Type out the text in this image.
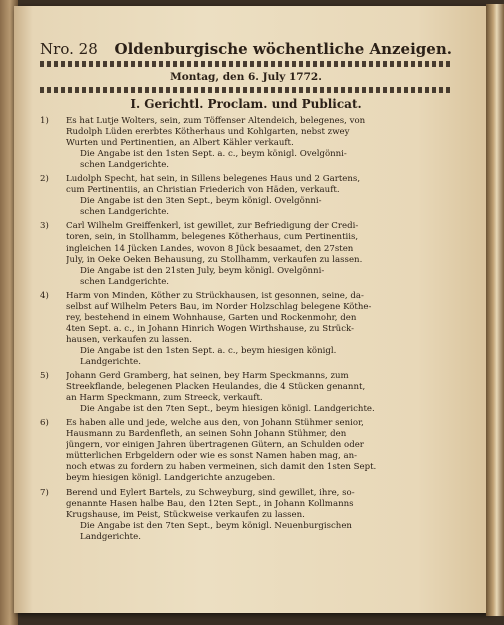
Nro. 28 Oldenburgische wöchentliche Anzeigen.
Montag, den 6. July 1772.
I. Gerichtl. Proclam. und Publicat.
1)	Es hat Lutje Wolters, sein, zum Töffenser Altendeich, belegenes, von
Rudolph Lüden ererbtes Kötherhaus und Kohlgarten, nebst zwey
Wurten und Pertinentien, an Albert Kähler verkauft.
Die Angabe ist den 1sten Sept. a. c., beym königl. Ovelgönni-
schen Landgerichte.
2)	Ludolph Specht, hat sein, in Sillens belegenes Haus und 2 Gartens,
cum Pertinentiis, an Christian Friederich von Häden, verkauft.
Die Angabe ist den 3ten Sept., beym königl. Ovelgönni-
schen Landgerichte.
3)	Carl Wilhelm Greiffenkerl, ist gewillet, zur Befriedigung der Credi-
toren, sein, in Stollhamm, belegenes Kötherhaus, cum Pertinentiis,
ingleichen 14 Jücken Landes, wovon 8 Jück besaamet, den 27sten
July, in Oeke Oeken Behausung, zu Stollhamm, verkaufen zu lassen.
Die Angabe ist den 21sten July, beym königl. Ovelgönni-
schen Landgerichte.
4)	Harm von Minden, Köther zu Strückhausen, ist gesonnen, seine, da-
selbst auf Wilhelm Peters Bau, im Norder Holzschlag belegene Köthe-
rey, bestehend in einem Wohnhause, Garten und Rockenmohr, den
4ten Sept. a. c., in Johann Hinrich Wogen Wirthshause, zu Strück-
hausen, verkaufen zu lassen.
Die Angabe ist den 1sten Sept. a. c., beym hiesigen königl.
Landgerichte.
5)	Johann Gerd Gramberg, hat seinen, bey Harm Speckmanns, zum
Streekflande, belegenen Placken Heulandes, die 4 Stücken genannt,
an Harm Speckmann, zum Streeck, verkauft.
Die Angabe ist den 7ten Sept., beym hiesigen königl. Landgerichte.
6)	Es haben alle und jede, welche aus den, von Johann Stühmer senior,
Hausmann zu Bardenfleth, an seinen Sohn Johann Stühmer, den
jüngern, vor einigen Jahren übertragenen Gütern, an Schulden oder
mütterlichen Erbgeldern oder wie es sonst Namen haben mag, an-
noch etwas zu fordern zu haben vermeinen, sich damit den 1sten Sept.
beym hiesigen königl. Landgerichte anzugeben.
7)	Berend und Eylert Bartels, zu Schweyburg, sind gewillet, ihre, so-
genannte Hasen halbe Bau, den 12ten Sept., in Johann Kollmanns
Krugshause, im Peist, Stückweise verkaufen zu lassen.
Die Angabe ist den 7ten Sept., beym königl. Neuenburgischen
Landgerichte.
